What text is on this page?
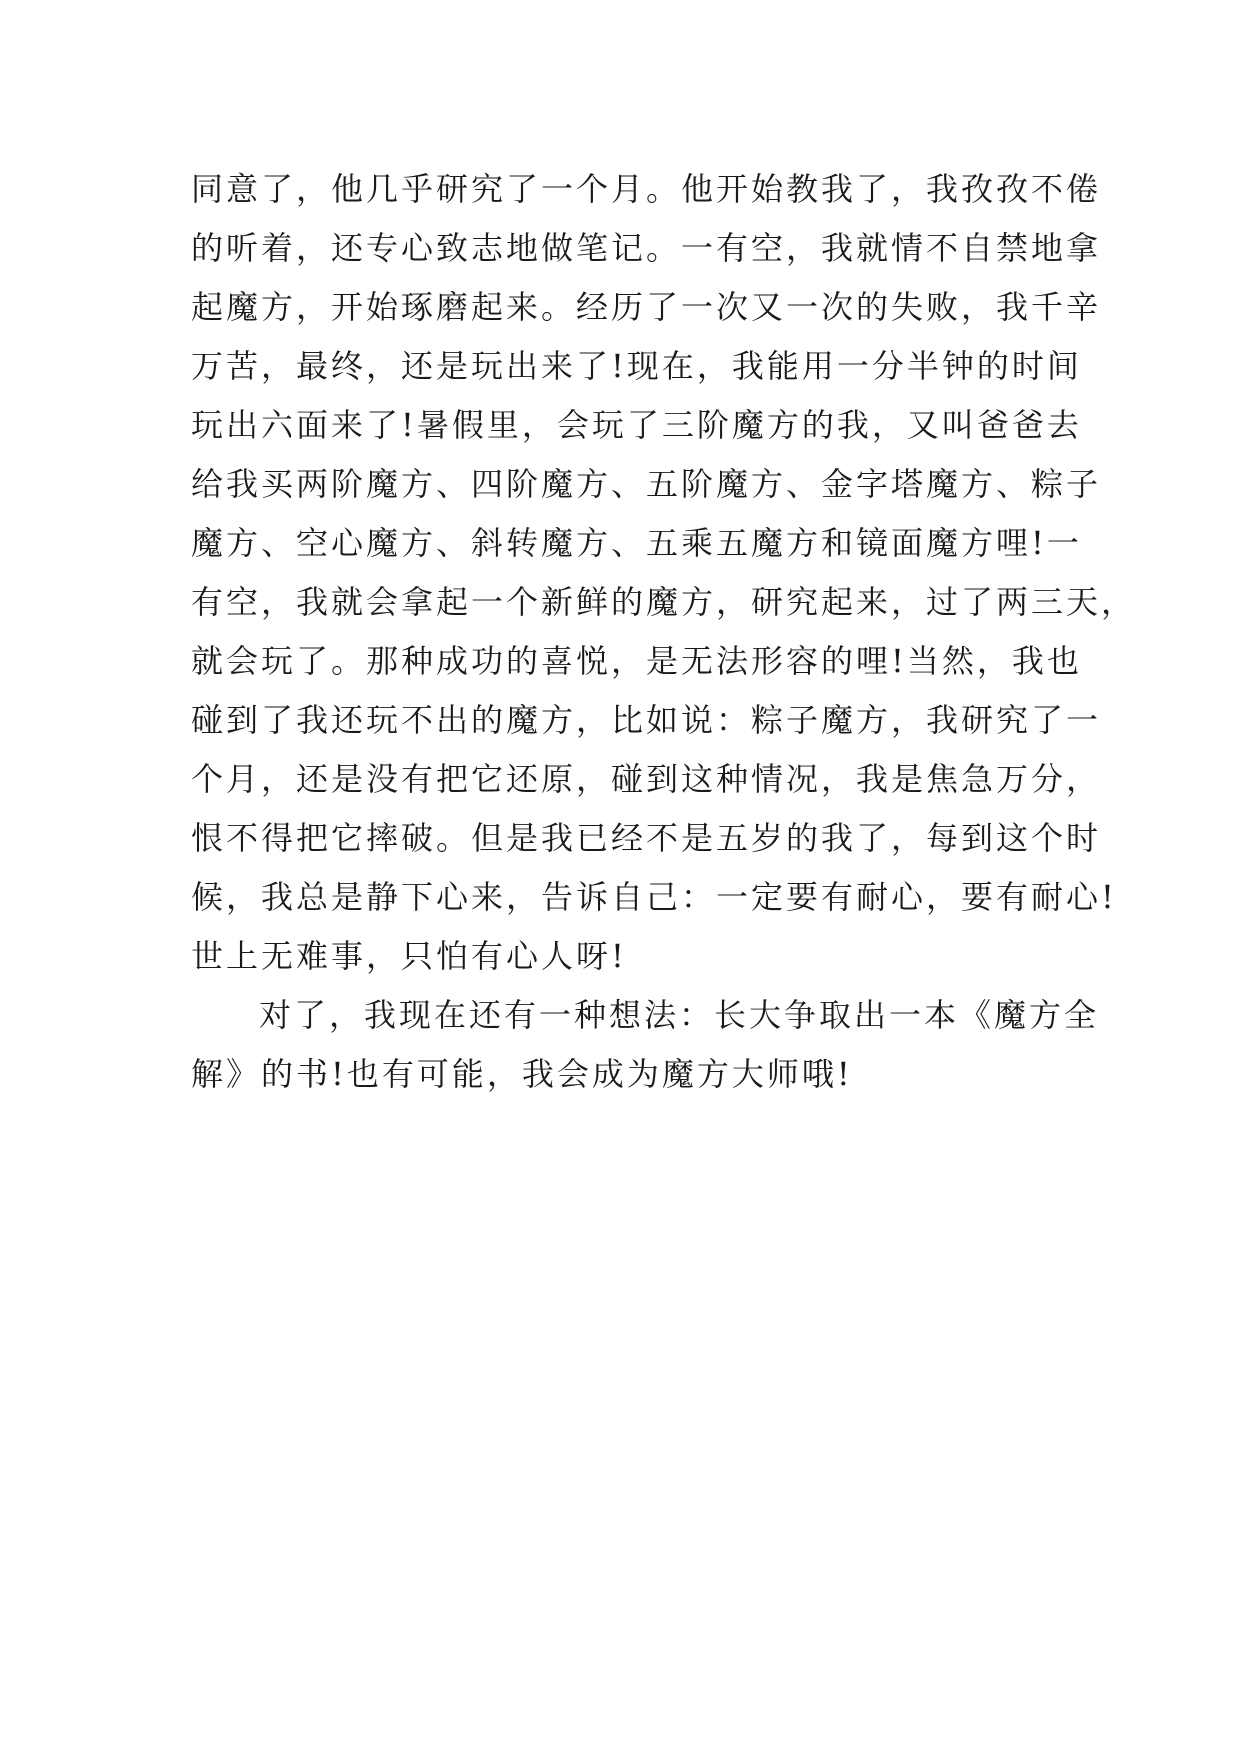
同意了，他几乎研究了一个月。他开始教我了，我孜孜不倦
的听着，还专心致志地做笔记。一有空，我就情不自禁地拿
起魔方，开始琢磨起来。经历了一次又一次的失败，我千辛
万苦，最终，还是玩出来了!现在，我能用一分半钟的时间
玩出六面来了!暑假里，会玩了三阶魔方的我，又叫爸爸去
给我买两阶魔方、四阶魔方、五阶魔方、金字塔魔方、粽子
魔方、空心魔方、斜转魔方、五乘五魔方和镜面魔方哩!一
有空，我就会拿起一个新鲜的魔方，研究起来，过了两三天，
就会玩了。那种成功的喜悦，是无法形容的哩!当然，我也
碰到了我还玩不出的魔方，比如说：粽子魔方，我研究了一
个月，还是没有把它还原，碰到这种情况，我是焦急万分，
恨不得把它摔破。但是我已经不是五岁的我了，每到这个时
候，我总是静下心来，告诉自己：一定要有耐心，要有耐心!
世上无难事，只怕有心人呀!
对了，我现在还有一种想法：长大争取出一本《魔方全
解》的书!也有可能，我会成为魔方大师哦!
